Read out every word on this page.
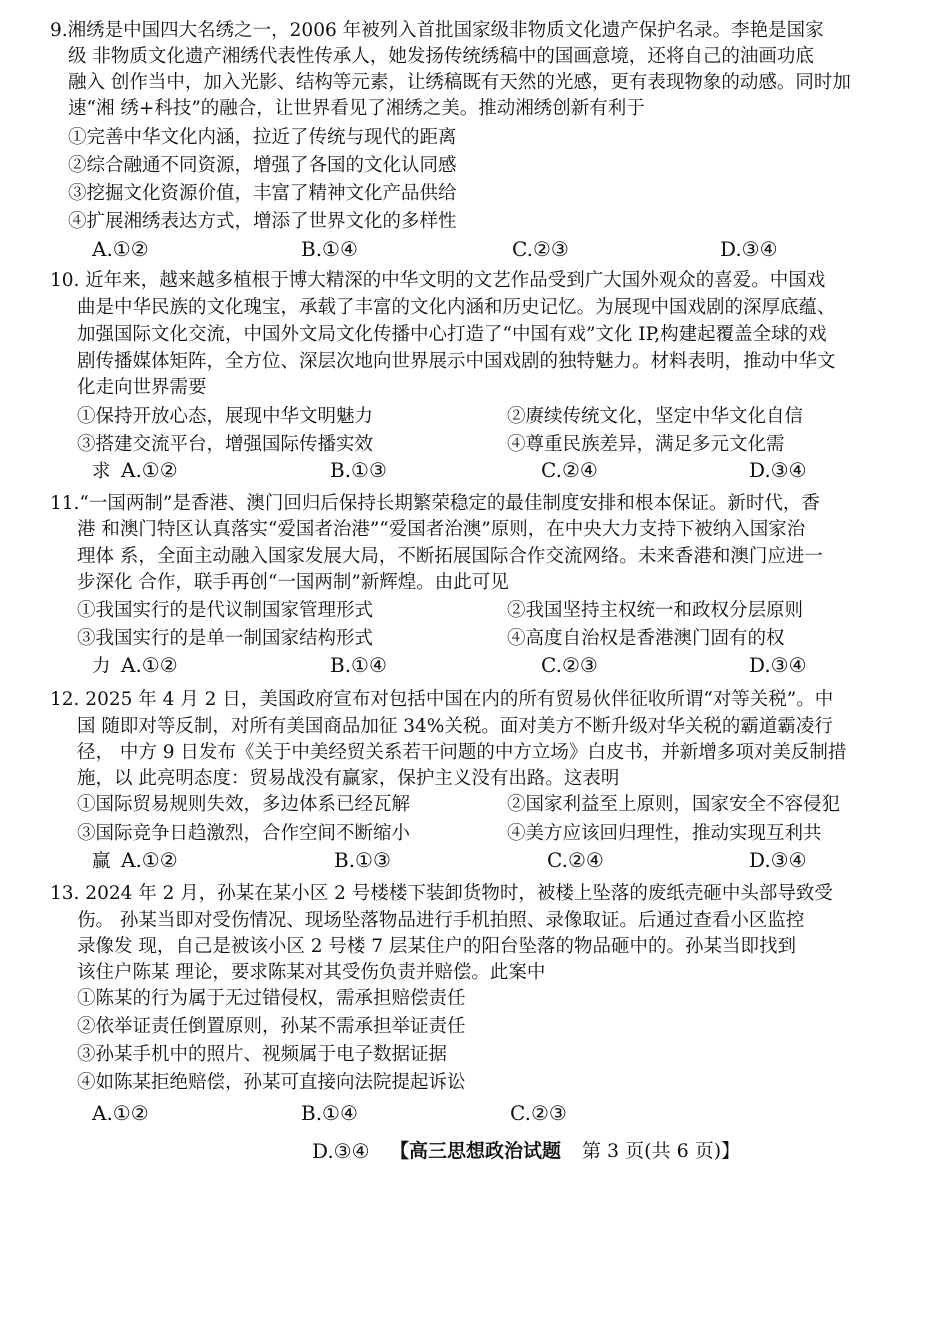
9.湘绣是中国四大名绣之一，2006 年被列入首批国家级非物质文化遗产保护名录。李艳是国家
级 非物质文化遗产湘绣代表性传承人，她发扬传统绣稿中的国画意境，还将自己的油画功底
融入 创作当中，加入光影、结构等元素，让绣稿既有天然的光感，更有表现物象的动感。同时加
速“湘 绣+科技”的融合，让世界看见了湘绣之美。推动湘绣创新有利于
①完善中华文化内涵，拉近了传统与现代的距离
②综合融通不同资源，增强了各国的文化认同感
③挖掘文化资源价值，丰富了精神文化产品供给
④扩展湘绣表达方式，增添了世界文化的多样性
A.①②	B.①④	C.②③	D.③④
10. 近年来，越来越多植根于博大精深的中华文明的文艺作品受到广大国外观众的喜爱。中国戏
曲是中华民族的文化瑰宝，承载了丰富的文化内涵和历史记忆。为展现中国戏剧的深厚底蕴、
加强国际文化交流，中国外文局文化传播中心打造了“中国有戏”文化 IP,构建起覆盖全球的戏
剧传播媒体矩阵，全方位、深层次地向世界展示中国戏剧的独特魅力。材料表明，推动中华文
化走向世界需要
①保持开放心态，展现中华文明魅力	②赓续传统文化，坚定中华文化自信
③搭建交流平台，增强国际传播实效	④尊重民族差异，满足多元文化需
求 A.①②	B.①③	C.②④	D.③④
11.“一国两制”是香港、澳门回归后保持长期繁荣稳定的最佳制度安排和根本保证。新时代，香
港 和澳门特区认真落实“爱国者治港”“爱国者治澳”原则，在中央大力支持下被纳入国家治
理体 系，全面主动融入国家发展大局，不断拓展国际合作交流网络。未来香港和澳门应进一
步深化 合作，联手再创“一国两制”新辉煌。由此可见
①我国实行的是代议制国家管理形式	②我国坚持主权统一和政权分层原则
③我国实行的是单一制国家结构形式	④高度自治权是香港澳门固有的权
力 A.①②	B.①④	C.②③	D.③④
12. 2025 年 4 月 2 日，美国政府宣布对包括中国在内的所有贸易伙伴征收所谓“对等关税”。中
国 随即对等反制，对所有美国商品加征 34%关税。面对美方不断升级对华关税的霸道霸凌行
径， 中方 9 日发布《关于中美经贸关系若干问题的中方立场》白皮书，并新增多项对美反制措
施，以 此亮明态度：贸易战没有赢家，保护主义没有出路。这表明
①国际贸易规则失效，多边体系已经瓦解	②国家利益至上原则，国家安全不容侵犯
③国际竞争日趋激烈，合作空间不断缩小	④美方应该回归理性，推动实现互利共
赢 A.①②	B.①③	C.②④	D.③④
13. 2024 年 2 月，孙某在某小区 2 号楼楼下装卸货物时，被楼上坠落的废纸壳砸中头部导致受
伤。 孙某当即对受伤情况、现场坠落物品进行手机拍照、录像取证。后通过查看小区监控
录像发 现，自己是被该小区 2 号楼 7 层某住户的阳台坠落的物品砸中的。孙某当即找到
该住户陈某 理论，要求陈某对其受伤负责并赔偿。此案中
①陈某的行为属于无过错侵权，需承担赔偿责任
②依举证责任倒置原则，孙某不需承担举证责任
③孙某手机中的照片、视频属于电子数据证据
④如陈某拒绝赔偿，孙某可直接向法院提起诉讼
A.①②	B.①④	C.②③
D.③④ 【高三思想政治试题 第 3 页(共 6 页)】
